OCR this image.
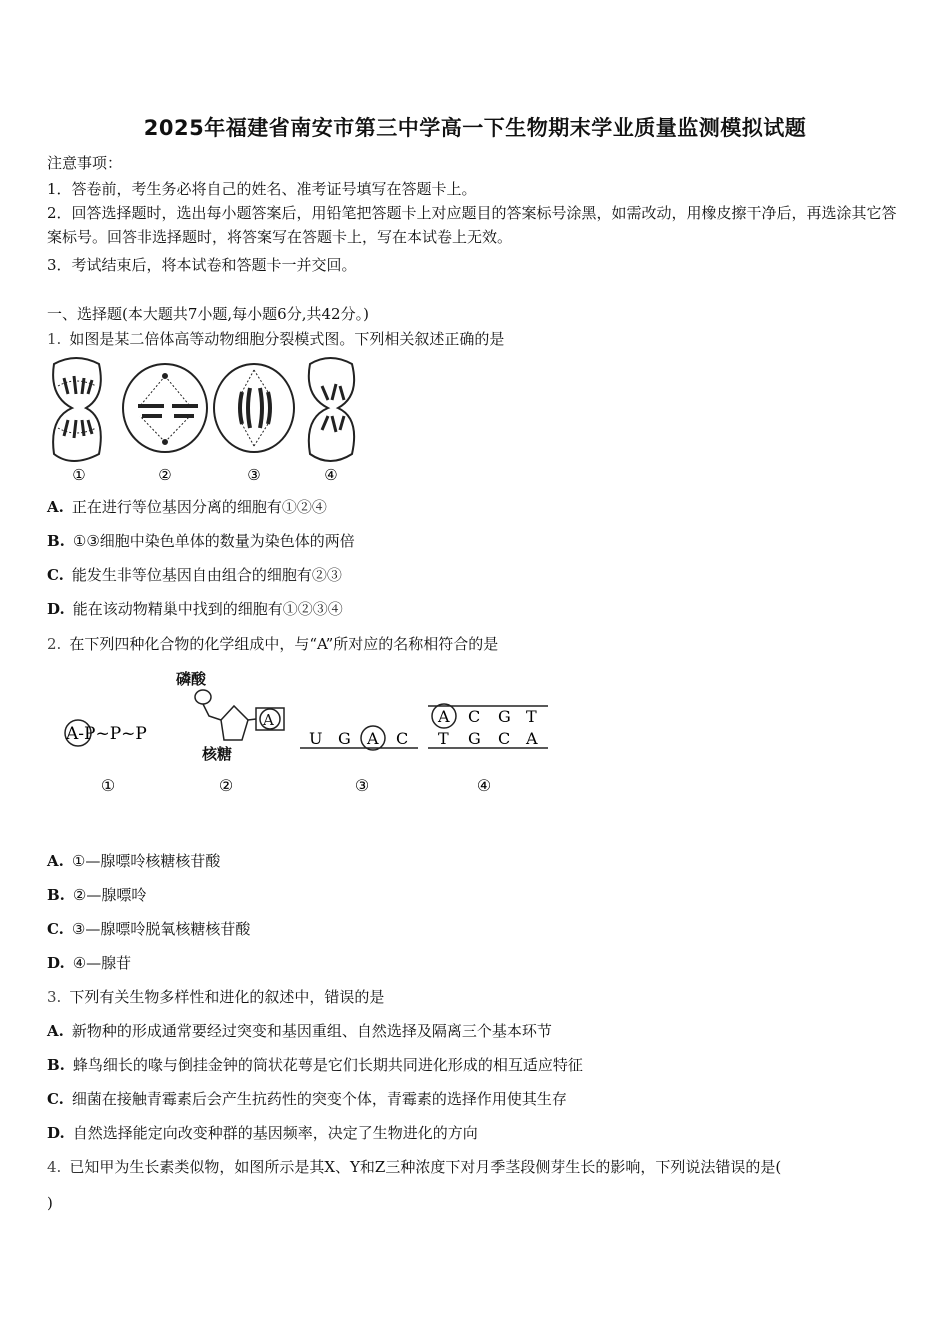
2025年福建省南安市第三中学高一下生物期末学业质量监测模拟试题
注意事项：
1．答卷前，考生务必将自己的姓名、准考证号填写在答题卡上。
2．回答选择题时，选出每小题答案后，用铅笔把答题卡上对应题目的答案标号涂黑，如需改动，用橡皮擦干净后，再选涂其它答案标号。回答非选择题时，将答案写在答题卡上，写在本试卷上无效。
3．考试结束后，将本试卷和答题卡一并交回。
一、选择题(本大题共7小题,每小题6分,共42分。)
1. 如图是某二倍体高等动物细胞分裂模式图。下列相关叙述正确的是
①	②	③	④
A. 正在进行等位基因分离的细胞有①②④
B. ①③细胞中染色单体的数量为染色体的两倍
C. 能发生非等位基因自由组合的细胞有②③
D. 能在该动物精巢中找到的细胞有①②③④
2. 在下列四种化合物的化学组成中，与“A”所对应的名称相符合的是
A-P~P~P
磷酸
A
核糖
U G A C
A C G T
T G C A
①	②	③	④
A. ①—腺嘌呤核糖核苷酸
B. ②—腺嘌呤
C. ③—腺嘌呤脱氧核糖核苷酸
D. ④—腺苷
3. 下列有关生物多样性和进化的叙述中，错误的是
A. 新物种的形成通常要经过突变和基因重组、自然选择及隔离三个基本环节
B. 蜂鸟细长的喙与倒挂金钟的筒状花萼是它们长期共同进化形成的相互适应特征
C. 细菌在接触青霉素后会产生抗药性的突变个体，青霉素的选择作用使其生存
D. 自然选择能定向改变种群的基因频率，决定了生物进化的方向
4. 已知甲为生长素类似物，如图所示是其X、Y和Z三种浓度下对月季茎段侧芽生长的影响，下列说法错误的是(
)
